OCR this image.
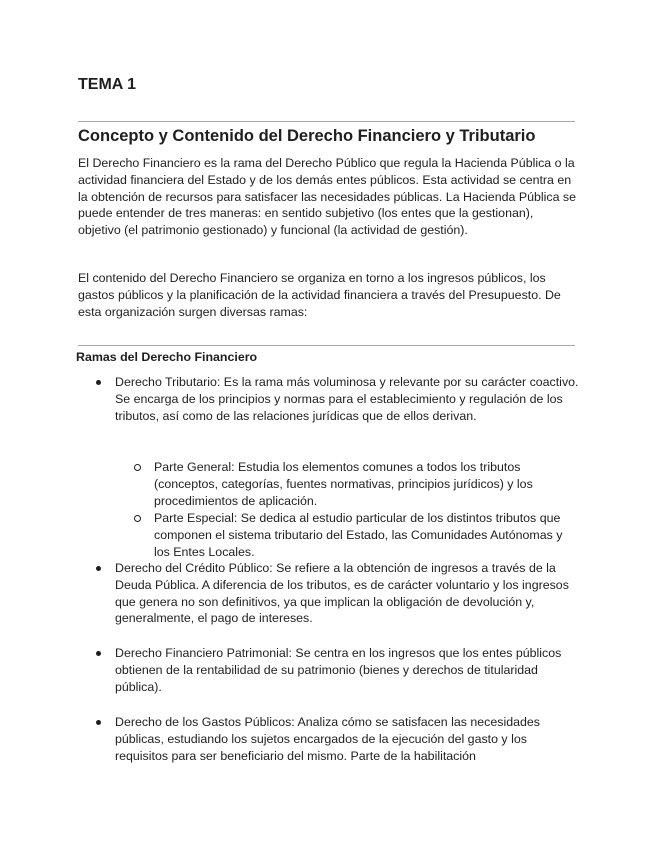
TEMA 1
Concepto y Contenido del Derecho Financiero y Tributario

El Derecho Financiero es la rama del Derecho Público que regula la Hacienda Pública o la actividad financiera del Estado y de los demás entes públicos. Esta actividad se centra en la obtención de recursos para satisfacer las necesidades públicas. La Hacienda Pública se puede entender de tres maneras: en sentido subjetivo (los entes que la gestionan), objetivo (el patrimonio gestionado) y funcional (la actividad de gestión).

El contenido del Derecho Financiero se organiza en torno a los ingresos públicos, los gastos públicos y la planificación de la actividad financiera a través del Presupuesto. De esta organización surgen diversas ramas:

Ramas del Derecho Financiero
Derecho Tributario: Es la rama más voluminosa y relevante por su carácter coactivo. Se encarga de los principios y normas para el establecimiento y regulación de los tributos, así como de las relaciones jurídicas que de ellos derivan.
Parte General: Estudia los elementos comunes a todos los tributos (conceptos, categorías, fuentes normativas, principios jurídicos) y los procedimientos de aplicación.
Parte Especial: Se dedica al estudio particular de los distintos tributos que componen el sistema tributario del Estado, las Comunidades Autónomas y los Entes Locales.
Derecho del Crédito Público: Se refiere a la obtención de ingresos a través de la Deuda Pública. A diferencia de los tributos, es de carácter voluntario y los ingresos que genera no son definitivos, ya que implican la obligación de devolución y, generalmente, el pago de intereses.
Derecho Financiero Patrimonial: Se centra en los ingresos que los entes públicos obtienen de la rentabilidad de su patrimonio (bienes y derechos de titularidad pública).
Derecho de los Gastos Públicos: Analiza cómo se satisfacen las necesidades públicas, estudiando los sujetos encargados de la ejecución del gasto y los requisitos para ser beneficiario del mismo. Parte de la habilitación
